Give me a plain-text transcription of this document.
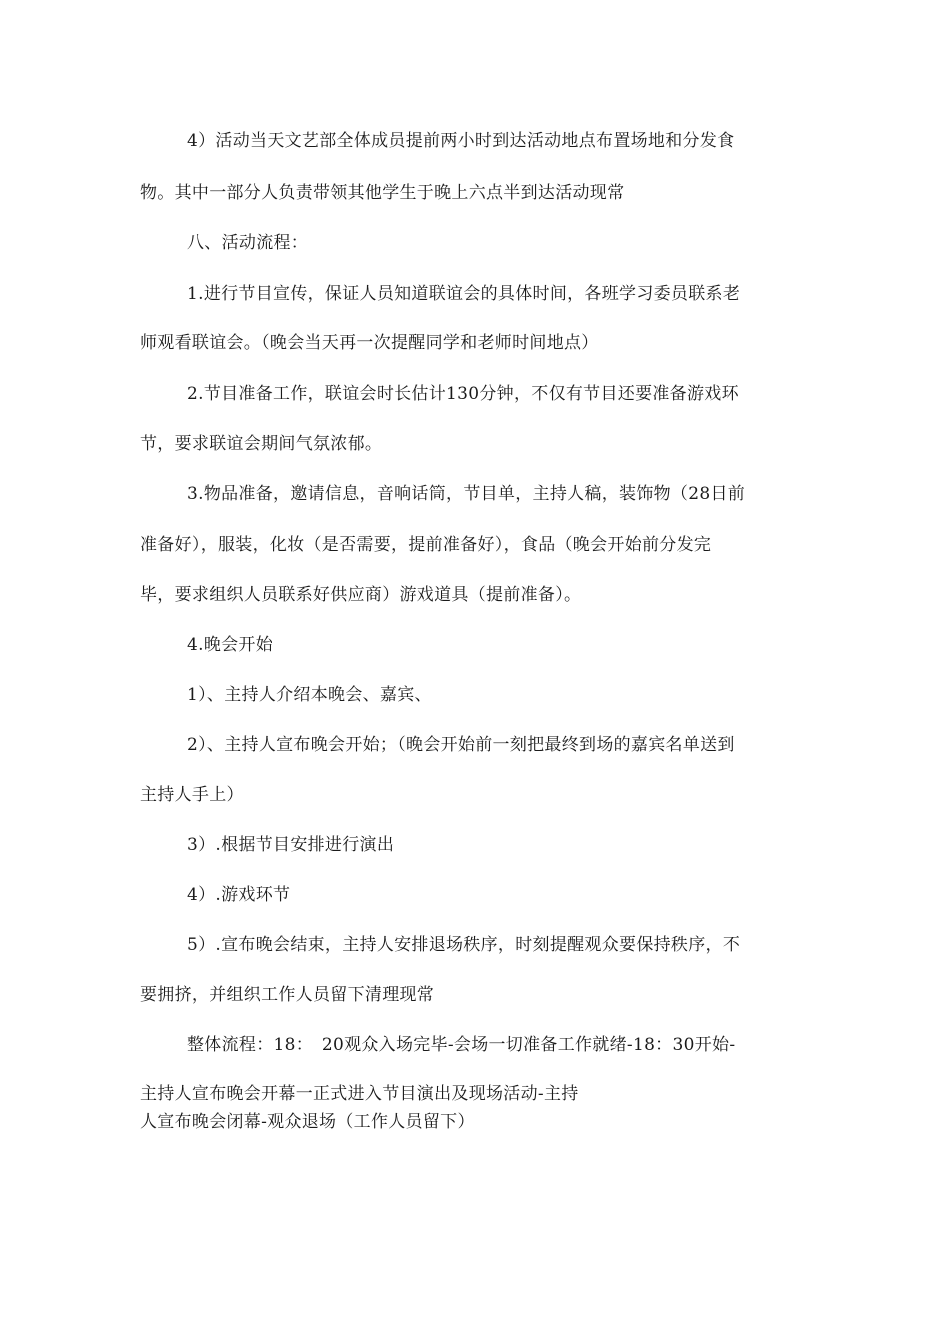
4）活动当天文艺部全体成员提前两小时到达活动地点布置场地和分发食
物。其中一部分人负责带领其他学生于晚上六点半到达活动现常
八、活动流程：
1.进行节目宣传，保证人员知道联谊会的具体时间，各班学习委员联系老
师观看联谊会。（晚会当天再一次提醒同学和老师时间地点）
2.节目准备工作，联谊会时长估计130分钟，不仅有节目还要准备游戏环
节，要求联谊会期间气氛浓郁。
3.物品准备，邀请信息，音响话筒，节目单，主持人稿，装饰物（28日前
准备好），服装，化妆（是否需要，提前准备好），食品（晚会开始前分发完
毕，要求组织人员联系好供应商）游戏道具（提前准备）。
4.晚会开始
1）、主持人介绍本晚会、嘉宾、
2）、主持人宣布晚会开始；（晚会开始前一刻把最终到场的嘉宾名单送到
主持人手上）
3）.根据节目安排进行演出
4）.游戏环节
5）.宣布晚会结束，主持人安排退场秩序，时刻提醒观众要保持秩序，不
要拥挤，并组织工作人员留下清理现常
整体流程：18：　20观众入场完毕-会场一切准备工作就绪-18：30开始-
主持人宣布晚会开幕一正式进入节目演出及现场活动-主持
人宣布晚会闭幕-观众退场（工作人员留下）
